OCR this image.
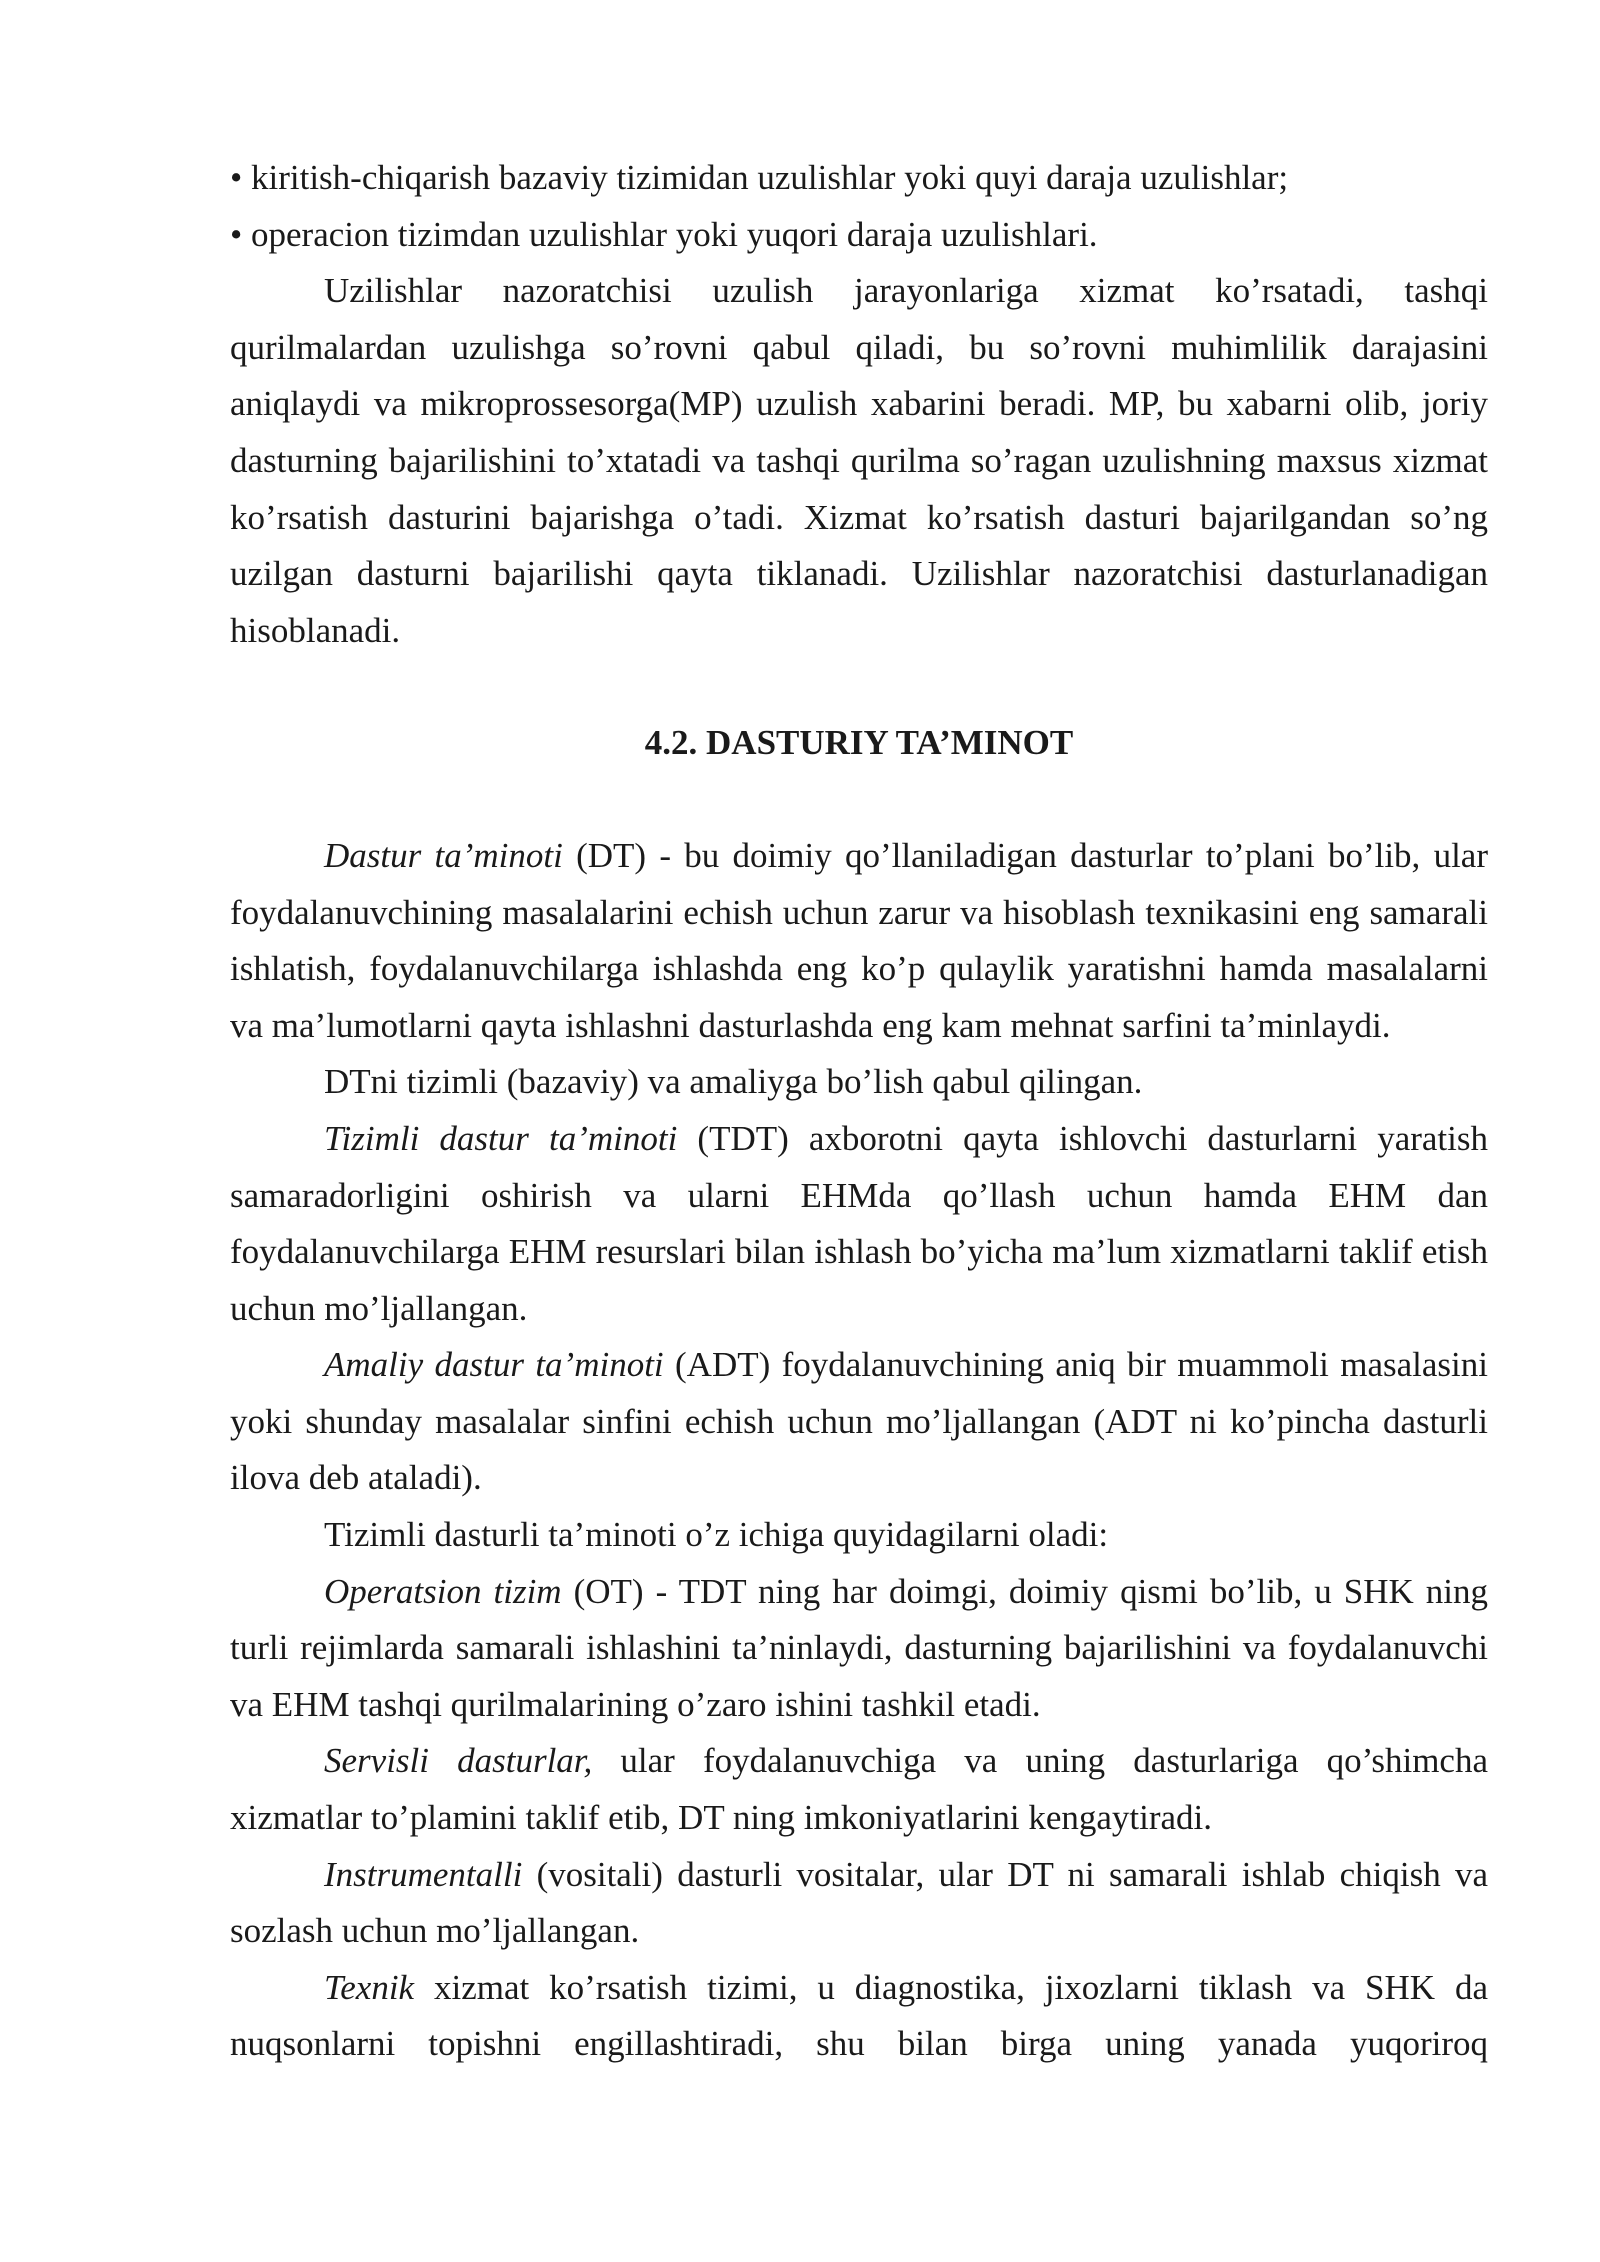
• kiritish-chiqarish bazaviy tizimidan uzulishlar yoki quyi daraja uzulishlar;

• operacion tizimdan uzulishlar yoki yuqori daraja uzulishlari.

Uzilishlar nazoratchisi uzulish jarayonlariga xizmat ko’rsatadi, tashqi qurilmalardan uzulishga so’rovni qabul qiladi, bu so’rovni muhimlilik darajasini aniqlaydi va mikroprossesorga(MP) uzulish xabarini beradi. MP, bu xabarni olib, joriy dasturning bajarilishini to’xtatadi va tashqi qurilma so’ragan uzulishning maxsus xizmat ko’rsatish dasturini bajarishga o’tadi. Xizmat ko’rsatish dasturi bajarilgandan so’ng uzilgan dasturni bajarilishi qayta tiklanadi. Uzilishlar nazoratchisi dasturlanadigan hisoblanadi.

4.2. DASTURIY TA’MINOT

Dastur ta’minoti (DT) - bu doimiy qo’llaniladigan dasturlar to’plani bo’lib, ular foydalanuvchining masalalarini echish uchun zarur va hisoblash texnikasini eng samarali ishlatish, foydalanuvchilarga ishlashda eng ko’p qulaylik yaratishni hamda masalalarni va ma’lumotlarni qayta ishlashni dasturlashda eng kam mehnat sarfini ta’minlaydi.

DTni tizimli (bazaviy) va amaliyga bo’lish qabul qilingan.

Tizimli dastur ta’minoti (TDT) axborotni qayta ishlovchi dasturlarni yaratish samaradorligini oshirish va ularni EHMda qo’llash uchun hamda EHM dan foydalanuvchilarga EHM resurslari bilan ishlash bo’yicha ma’lum xizmatlarni taklif etish uchun mo’ljallangan.

Amaliy dastur ta’minoti (ADT) foydalanuvchining aniq bir muammoli masalasini yoki shunday masalalar sinfini echish uchun mo’ljallangan (ADT ni ko’pincha dasturli ilova deb ataladi).

Tizimli dasturli ta’minoti o’z ichiga quyidagilarni oladi:

Operatsion tizim (OT) - TDT ning har doimgi, doimiy qismi bo’lib, u SHK ning turli rejimlarda samarali ishlashini ta’ninlaydi, dasturning bajarilishini va foydalanuvchi va EHM tashqi qurilmalarining o’zaro ishini tashkil etadi.

Servisli dasturlar, ular foydalanuvchiga va uning dasturlariga qo’shimcha xizmatlar to’plamini taklif etib, DT ning imkoniyatlarini kengaytiradi.

Instrumentalli (vositali) dasturli vositalar, ular DT ni samarali ishlab chiqish va sozlash uchun mo’ljallangan.

Texnik xizmat ko’rsatish tizimi, u diagnostika, jixozlarni tiklash va SHK da nuqsonlarni topishni engillashtiradi, shu bilan birga uning yanada yuqoriroq
